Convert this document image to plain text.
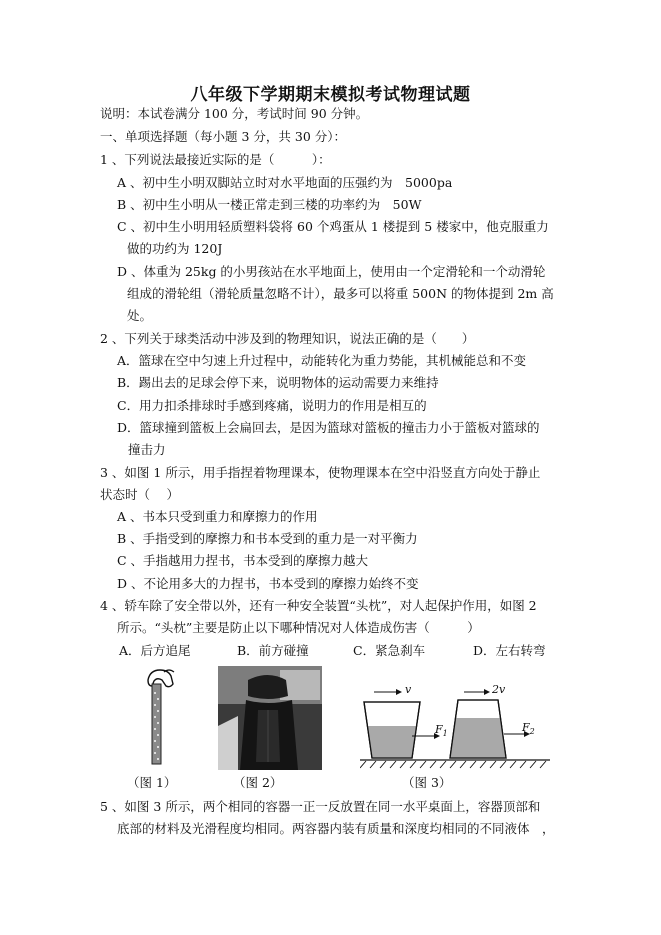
八年级下学期期末模拟考试物理试题
说明：本试卷满分 100 分，考试时间 90 分钟。
一、单项选择题（每小题 3 分，共 30 分）：
1 、下列说法最接近实际的是（　　　）：
A 、初中生小明双脚站立时对水平地面的压强约为　5000pa
B 、初中生小明从一楼正常走到三楼的功率约为　50W
C 、初中生小明用轻质塑料袋将 60 个鸡蛋从 1 楼提到 5 楼家中，他克服重力
做的功约为 120J
D 、体重为 25kg 的小男孩站在水平地面上，使用由一个定滑轮和一个动滑轮
组成的滑轮组（滑轮质量忽略不计），最多可以将重 500N 的物体提到 2m 高
处。
2 、下列关于球类活动中涉及到的物理知识，说法正确的是（　　）
A．篮球在空中匀速上升过程中，动能转化为重力势能，其机械能总和不变
B．踢出去的足球会停下来，说明物体的运动需要力来维持
C．用力扣杀排球时手感到疼痛，说明力的作用是相互的
D．篮球撞到篮板上会扁回去，是因为篮球对篮板的撞击力小于篮板对篮球的
撞击力
3 、如图 1 所示，用手指捏着物理课本，使物理课本在空中沿竖直方向处于静止
状态时（　 ）
A 、书本只受到重力和摩擦力的作用
B 、手指受到的摩擦力和书本受到的重力是一对平衡力
C 、手指越用力捏书，书本受到的摩擦力越大
D 、不论用多大的力捏书，书本受到的摩擦力始终不变
4 、轿车除了安全带以外，还有一种安全装置“头枕”，对人起保护作用，如图 2
所示。“头枕”主要是防止以下哪种情况对人体造成伤害（　　　）
A．后方追尾	B．前方碰撞	C．紧急刹车	D．左右转弯
v	2v
$F_1$	$F_2$
（图 1）	（图 2）	（图 3）
5 、如图 3 所示，两个相同的容器一正一反放置在同一水平桌面上，容器顶部和
底部的材料及光滑程度均相同。两容器内装有质量和深度均相同的不同液体　，
